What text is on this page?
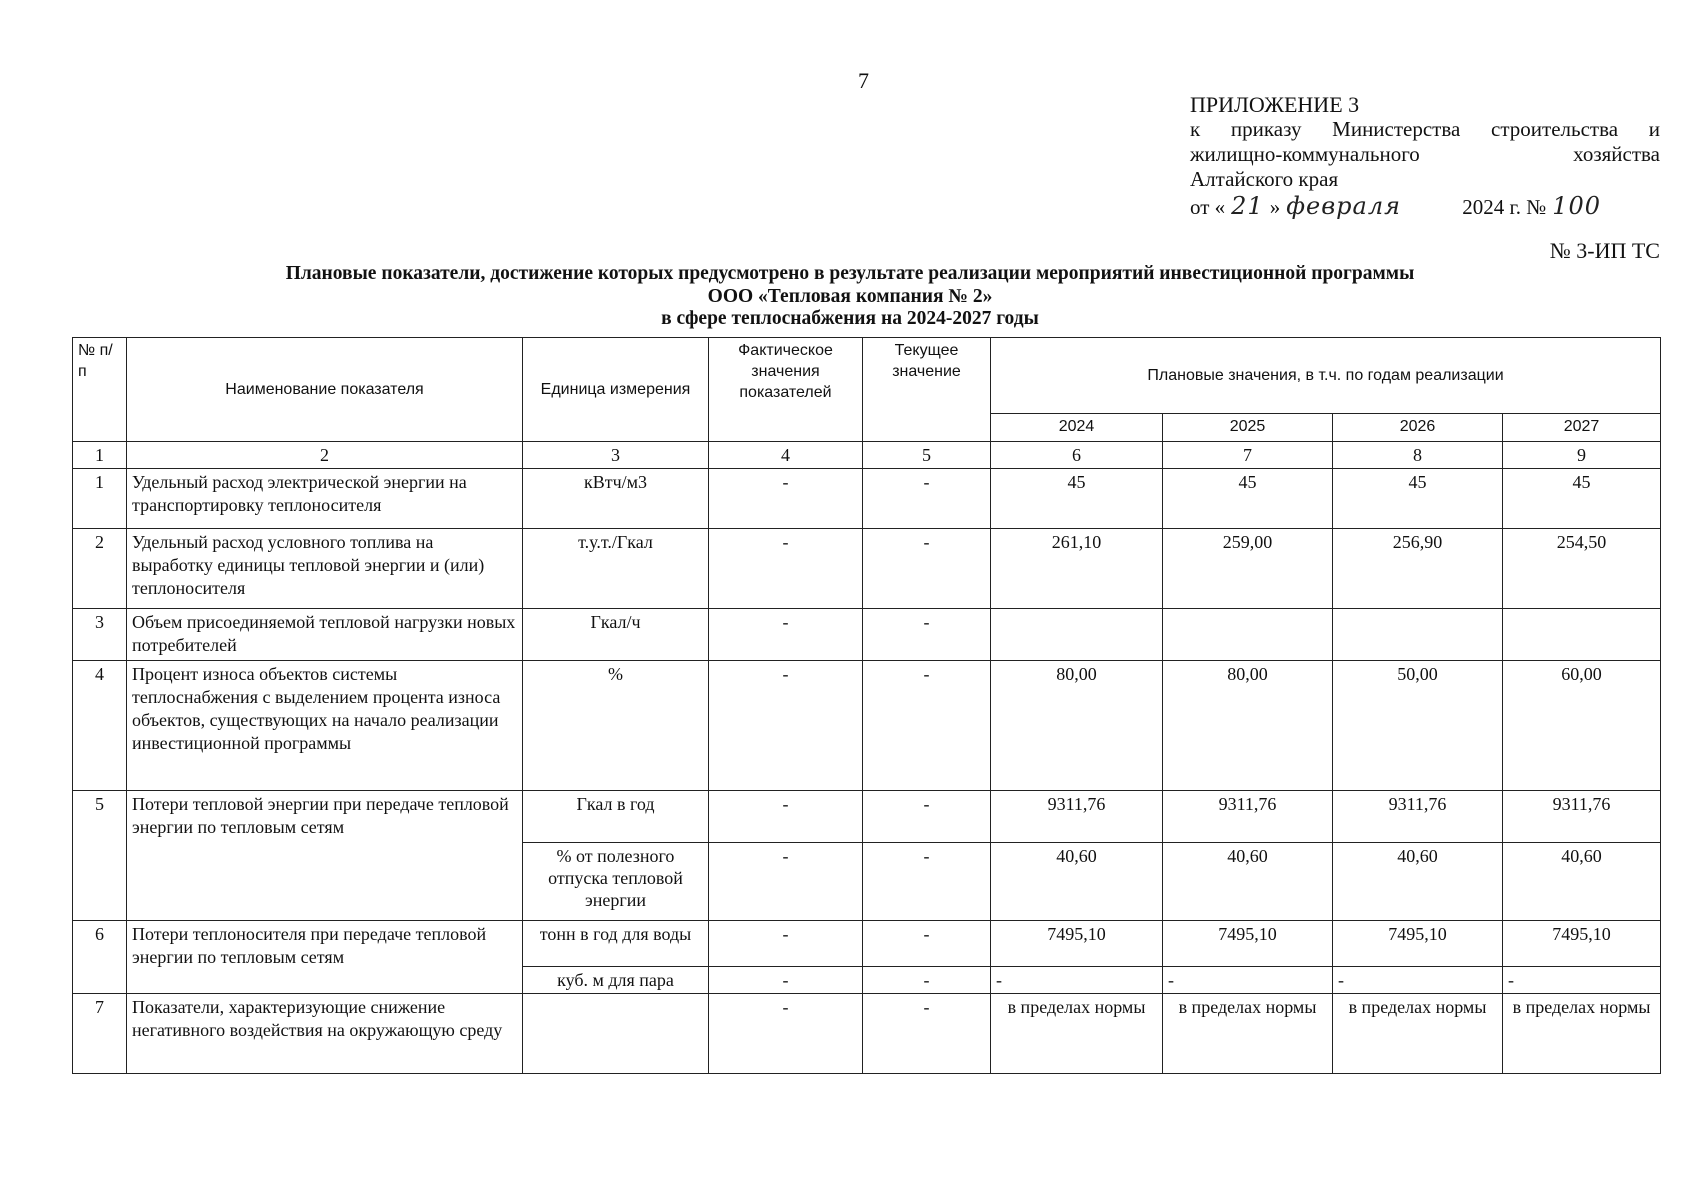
7
ПРИЛОЖЕНИЕ 3
к приказу Министерства строительства и
жилищно-коммунального	хозяйства
Алтайского края
от « 21 » февраля	2024 г. № 100
№ 3-ИП ТС
Плановые показатели, достижение которых предусмотрено в результате реализации мероприятий инвестиционной программы
ООО «Тепловая компания № 2»
в сфере теплоснабжения на 2024-2027 годы
№ п/п	Наименование показателя	Единица измерения	Фактическое значения показателей	Текущее значение	Плановые значения, в т.ч. по годам реализации			
					2024	2025	2026	2027
1	2	3	4	5	6	7	8	9
1	Удельный расход электрической энергии на транспортировку теплоносителя	кВтч/м3	-	-	45	45	45	45
2	Удельный расход условного топлива на выработку единицы тепловой энергии и (или) теплоносителя	т.у.т./Гкал	-	-	261,10	259,00	256,90	254,50
3	Объем присоединяемой тепловой нагрузки новых потребителей	Гкал/ч	-	-				
4	Процент износа объектов системы теплоснабжения с выделением процента износа объектов, существующих на начало реализации инвестиционной программы	%	-	-	80,00	80,00	50,00	60,00
5	Потери тепловой энергии при передаче тепловой энергии по тепловым сетям	Гкал в год	-	-	9311,76	9311,76	9311,76	9311,76
		% от полезного отпуска тепловой энергии	-	-	40,60	40,60	40,60	40,60
6	Потери теплоносителя при передаче тепловой энергии по тепловым сетям	тонн в год для воды	-	-	7495,10	7495,10	7495,10	7495,10
		куб. м для пара	-	-	-	-	-	-
7	Показатели, характеризующие снижение негативного воздействия на окружающую среду		-	-	в пределах нормы	в пределах нормы	в пределах нормы	в пределах нормы
